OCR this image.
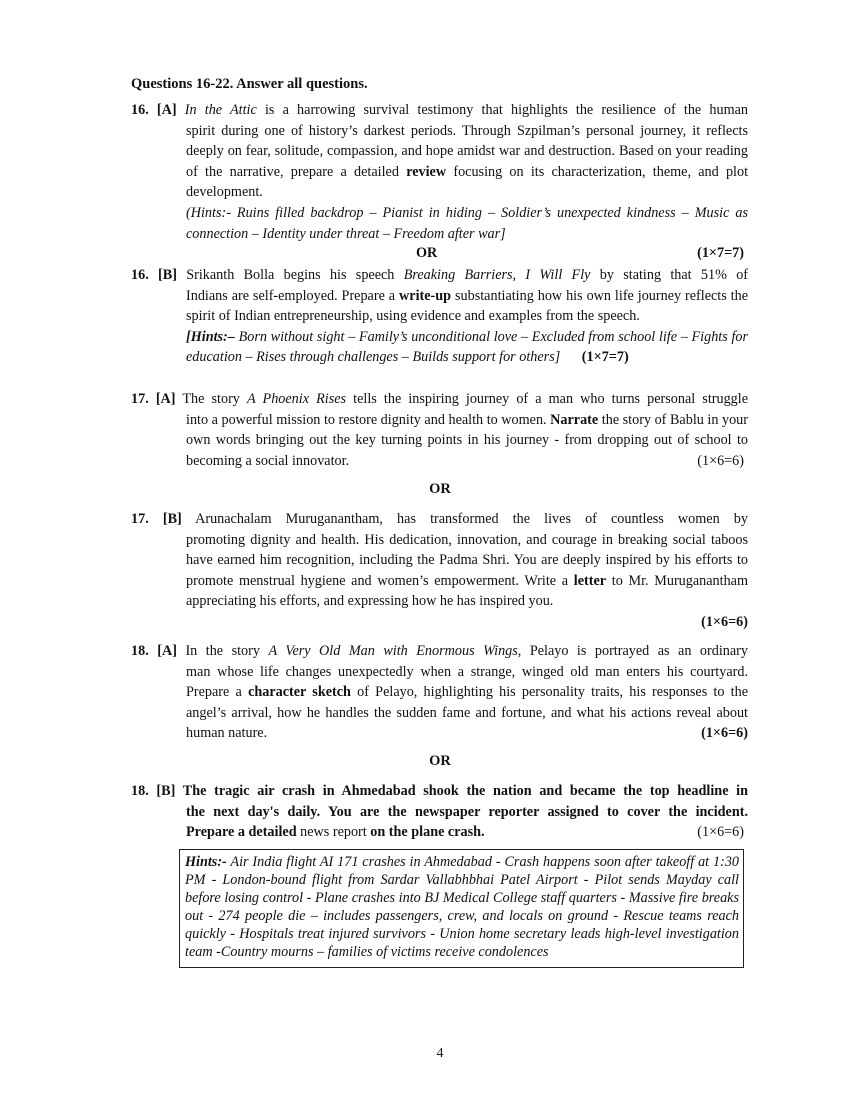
Questions 16-22. Answer all questions.
16. [A] In the Attic is a harrowing survival testimony that highlights the resilience of the human
spirit during one of history’s darkest periods. Through Szpilman’s personal journey, it reflects deeply on fear, solitude, compassion, and hope amidst war and destruction. Based on your reading of the narrative, prepare a detailed review focusing on its characterization, theme, and plot development.
(Hints:- Ruins filled backdrop – Pianist in hiding – Soldier’s unexpected kindness – Music as connection – Identity under threat – Freedom after war]
OR	(1×7=7)
16. [B] Srikanth Bolla begins his speech Breaking Barriers, I Will Fly by stating that 51% of
Indians are self-employed. Prepare a write-up substantiating how his own life journey reflects the spirit of Indian entrepreneurship, using evidence and examples from the speech.
[Hints:– Born without sight – Family’s unconditional love – Excluded from school life – Fights for education – Rises through challenges – Builds support for others] (1×7=7)
17. [A] The story A Phoenix Rises tells the inspiring journey of a man who turns personal struggle
into a powerful mission to restore dignity and health to women. Narrate the story of Bablu in your own words bringing out the key turning points in his journey - from dropping out of school to becoming a social innovator.	(1×6=6)
OR
17. [B] Arunachalam Muruganantham, has transformed the lives of countless women by
promoting dignity and health. His dedication, innovation, and courage in breaking social taboos have earned him recognition, including the Padma Shri. You are deeply inspired by his efforts to promote menstrual hygiene and women’s empowerment. Write a letter to Mr. Muruganantham appreciating his efforts, and expressing how he has inspired you.
(1×6=6)
18. [A] In the story A Very Old Man with Enormous Wings, Pelayo is portrayed as an ordinary
man whose life changes unexpectedly when a strange, winged old man enters his courtyard. Prepare a character sketch of Pelayo, highlighting his personality traits, his responses to the angel’s arrival, how he handles the sudden fame and fortune, and what his actions reveal about human nature.	(1×6=6)
OR
18. [B] The tragic air crash in Ahmedabad shook the nation and became the top headline in
the next day's daily. You are the newspaper reporter assigned to cover the incident.
Prepare a detailed news report on the plane crash.	(1×6=6)
Hints:- Air India flight AI 171 crashes in Ahmedabad - Crash happens soon after takeoff at 1:30 PM - London-bound flight from Sardar Vallabhbhai Patel Airport - Pilot sends Mayday call before losing control - Plane crashes into BJ Medical College staff quarters - Massive fire breaks out - 274 people die – includes passengers, crew, and locals on ground - Rescue teams reach quickly - Hospitals treat injured survivors - Union home secretary leads high-level investigation team -Country mourns – families of victims receive condolences
4
